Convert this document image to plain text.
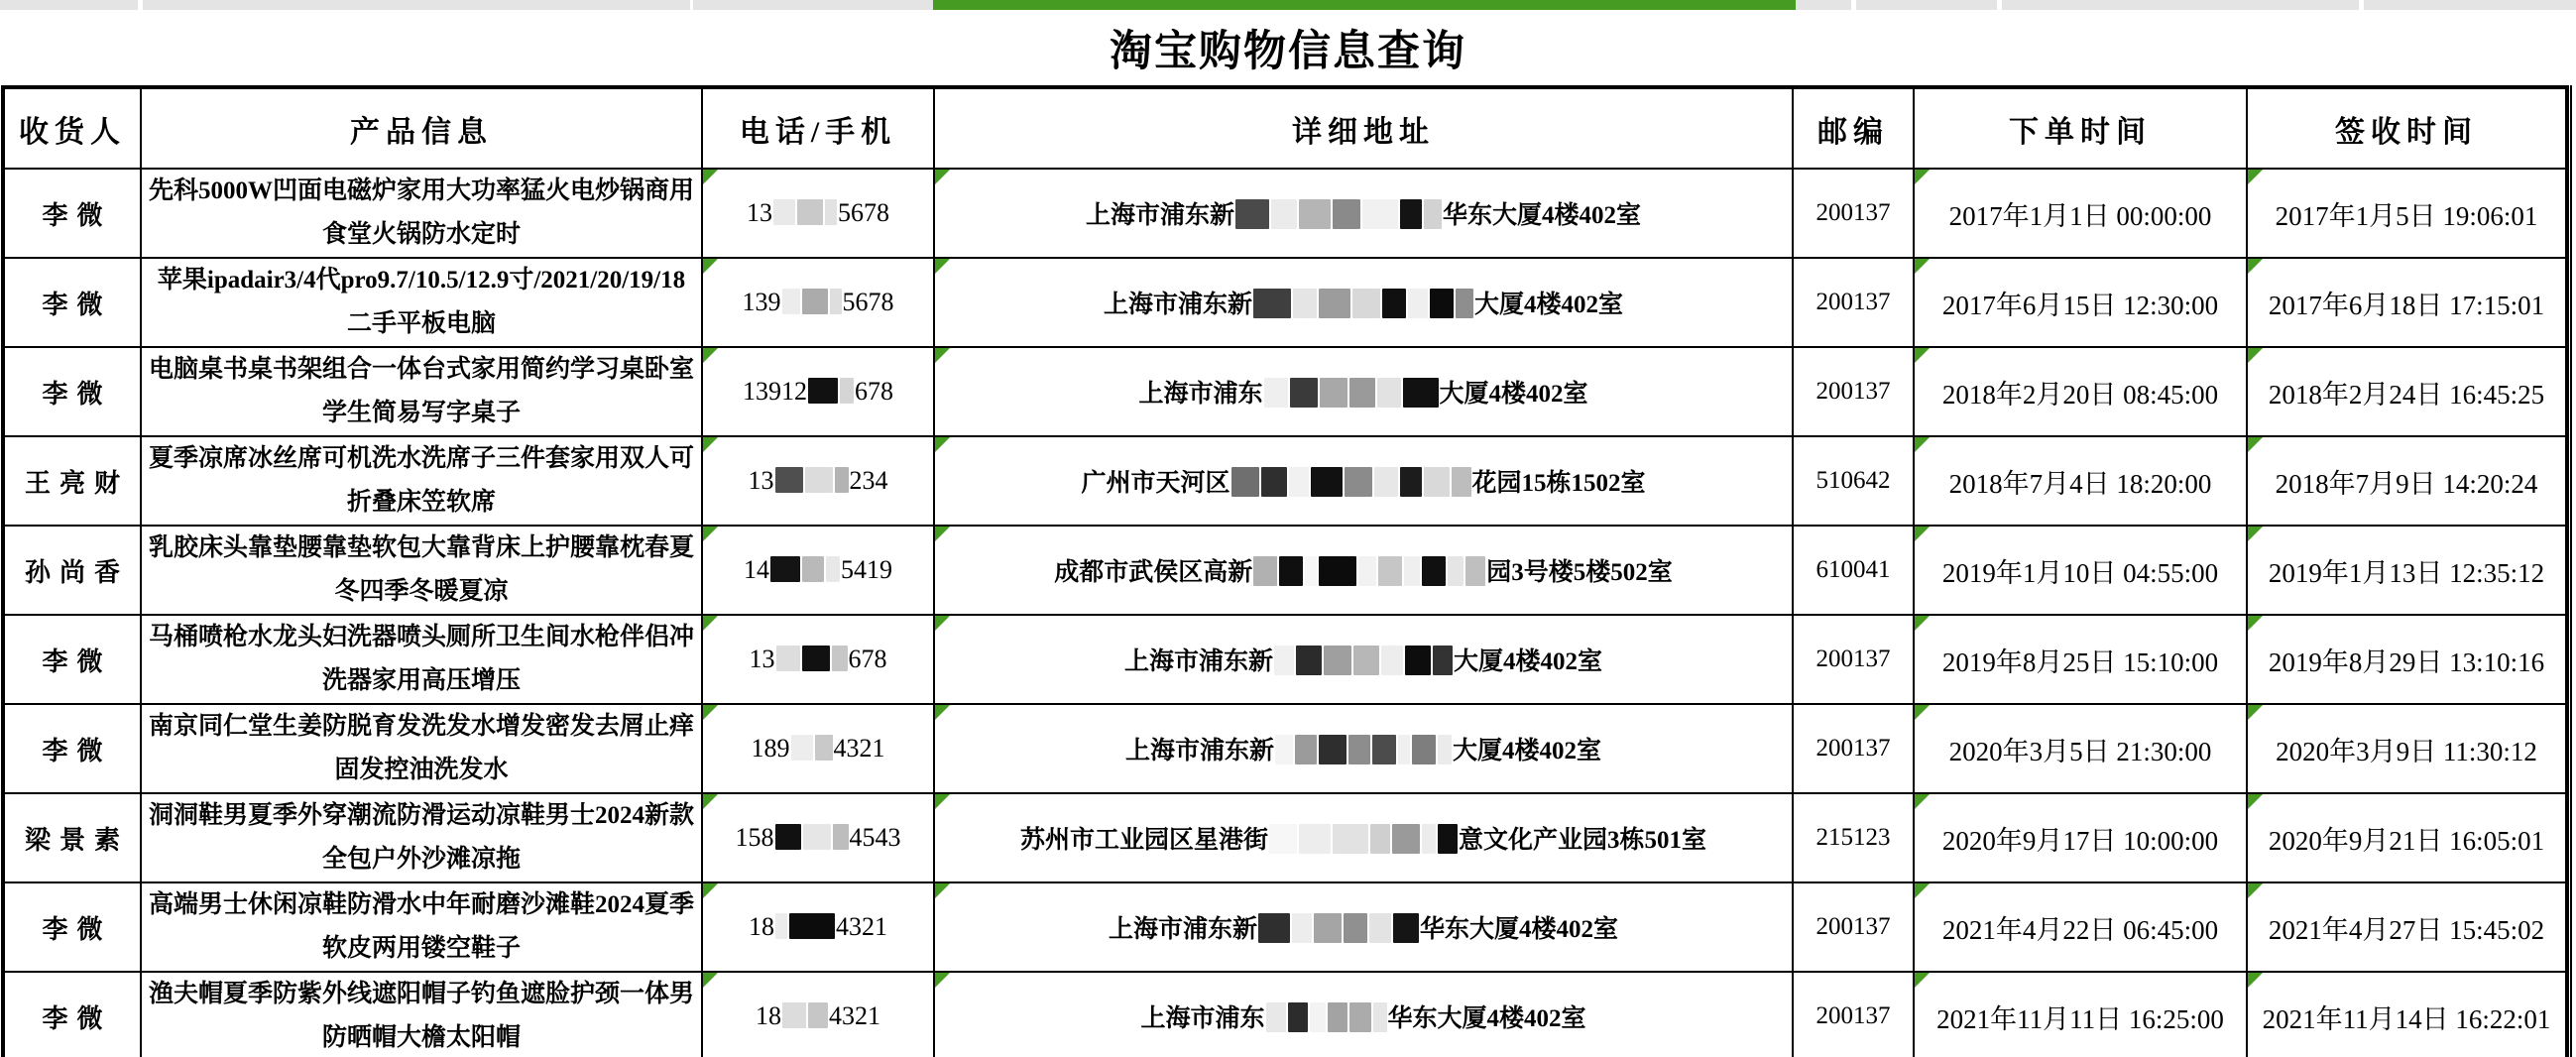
淘宝购物信息查询
收货人	产品信息	电话/手机	详细地址	邮编	下单时间	签收时间
李微	先科5000W凹面电磁炉家用大功率猛火电炒锅商用食堂火锅防水定时	13 5678	上海市浦东新 华东大厦4楼402室	200137	2017年1月1日 00:00:00	2017年1月5日 19:06:01
李微	苹果ipadair3/4代pro9.7/10.5/12.9寸/2021/20/19/18二手平板电脑	139 5678	上海市浦东新 大厦4楼402室	200137	2017年6月15日 12:30:00	2017年6月18日 17:15:01
李微	电脑桌书桌书架组合一体台式家用简约学习桌卧室学生简易写字桌子	13912 678	上海市浦东 大厦4楼402室	200137	2018年2月20日 08:45:00	2018年2月24日 16:45:25
王亮财	夏季凉席冰丝席可机洗水洗席子三件套家用双人可折叠床笠软席	13 234	广州市天河区 花园15栋1502室	510642	2018年7月4日 18:20:00	2018年7月9日 14:20:24
孙尚香	乳胶床头靠垫腰靠垫软包大靠背床上护腰靠枕春夏冬四季冬暖夏凉	14 5419	成都市武侯区高新 园3号楼5楼502室	610041	2019年1月10日 04:55:00	2019年1月13日 12:35:12
李微	马桶喷枪水龙头妇洗器喷头厕所卫生间水枪伴侣冲洗器家用高压增压	13 678	上海市浦东新 大厦4楼402室	200137	2019年8月25日 15:10:00	2019年8月29日 13:10:16
李微	南京同仁堂生姜防脱育发洗发水增发密发去屑止痒固发控油洗发水	189 4321	上海市浦东新 大厦4楼402室	200137	2020年3月5日 21:30:00	2020年3月9日 11:30:12
梁景素	洞洞鞋男夏季外穿潮流防滑运动凉鞋男士2024新款全包户外沙滩凉拖	158 4543	苏州市工业园区星港街 意文化产业园3栋501室	215123	2020年9月17日 10:00:00	2020年9月21日 16:05:01
李微	高端男士休闲凉鞋防滑水中年耐磨沙滩鞋2024夏季软皮两用镂空鞋子	18 4321	上海市浦东新 华东大厦4楼402室	200137	2021年4月22日 06:45:00	2021年4月27日 15:45:02
李微	渔夫帽夏季防紫外线遮阳帽子钓鱼遮脸护颈一体男防晒帽大檐太阳帽	18 4321	上海市浦东 华东大厦4楼402室	200137	2021年11月11日 16:25:00	2021年11月14日 16:22:01
